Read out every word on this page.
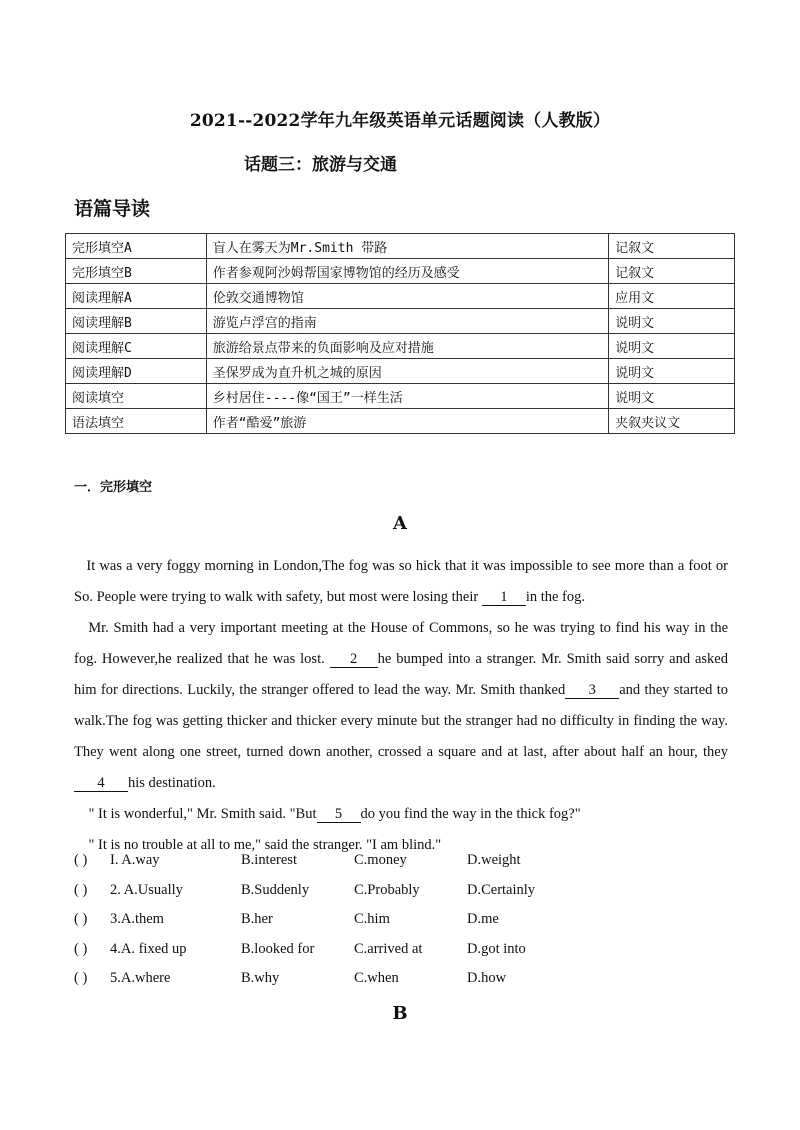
2021--2022学年九年级英语单元话题阅读（人教版）
话题三：旅游与交通
语篇导读
完形填空A	盲人在雾天为Mr.Smith 带路	记叙文
完形填空B	作者参观阿沙姆帮国家博物馆的经历及感受	记叙文
阅读理解A	伦敦交通博物馆	应用文
阅读理解B	游览卢浮宫的指南	说明文
阅读理解C	旅游给景点带来的负面影响及应对措施	说明文
阅读理解D	圣保罗成为直升机之城的原因	说明文
阅读填空	乡村居住----像“国王”一样生活	说明文
语法填空	作者“酷爱”旅游	夹叙夹议文
一．完形填空
A

It was a very foggy morning in London,The fog was so hick that it was impossible to see more than a foot or So. People were trying to walk with safety, but most were losing their 1 in the fog.

Mr. Smith had a very important meeting at the House of Commons, so he was trying to find his way in the fog. However,he realized that he was lost. 2 he bumped into a stranger. Mr. Smith said sorry and asked him for directions. Luckily, the stranger offered to lead the way. Mr. Smith thanked 3 and they started to walk.The fog was getting thicker and thicker every minute but the stranger had no difficulty in finding the way. They went along one street, turned down another, crossed a square and at last, after about half an hour, they 4 his destination.

" It is wonderful," Mr. Smith said. "But 5 do you find the way in the thick fog?"

" It is no trouble at all to me," said the stranger. "I am blind."

( ) I. A.way	B.interest	C.money	D.weight
( ) 2. A.Usually	B.Suddenly	C.Probably	D.Certainly
( ) 3.A.them	B.her	C.him	D.me
( ) 4.A. fixed up	B.looked for	C.arrived at	D.got into
( ) 5.A.where	B.why	C.when	D.how
B
